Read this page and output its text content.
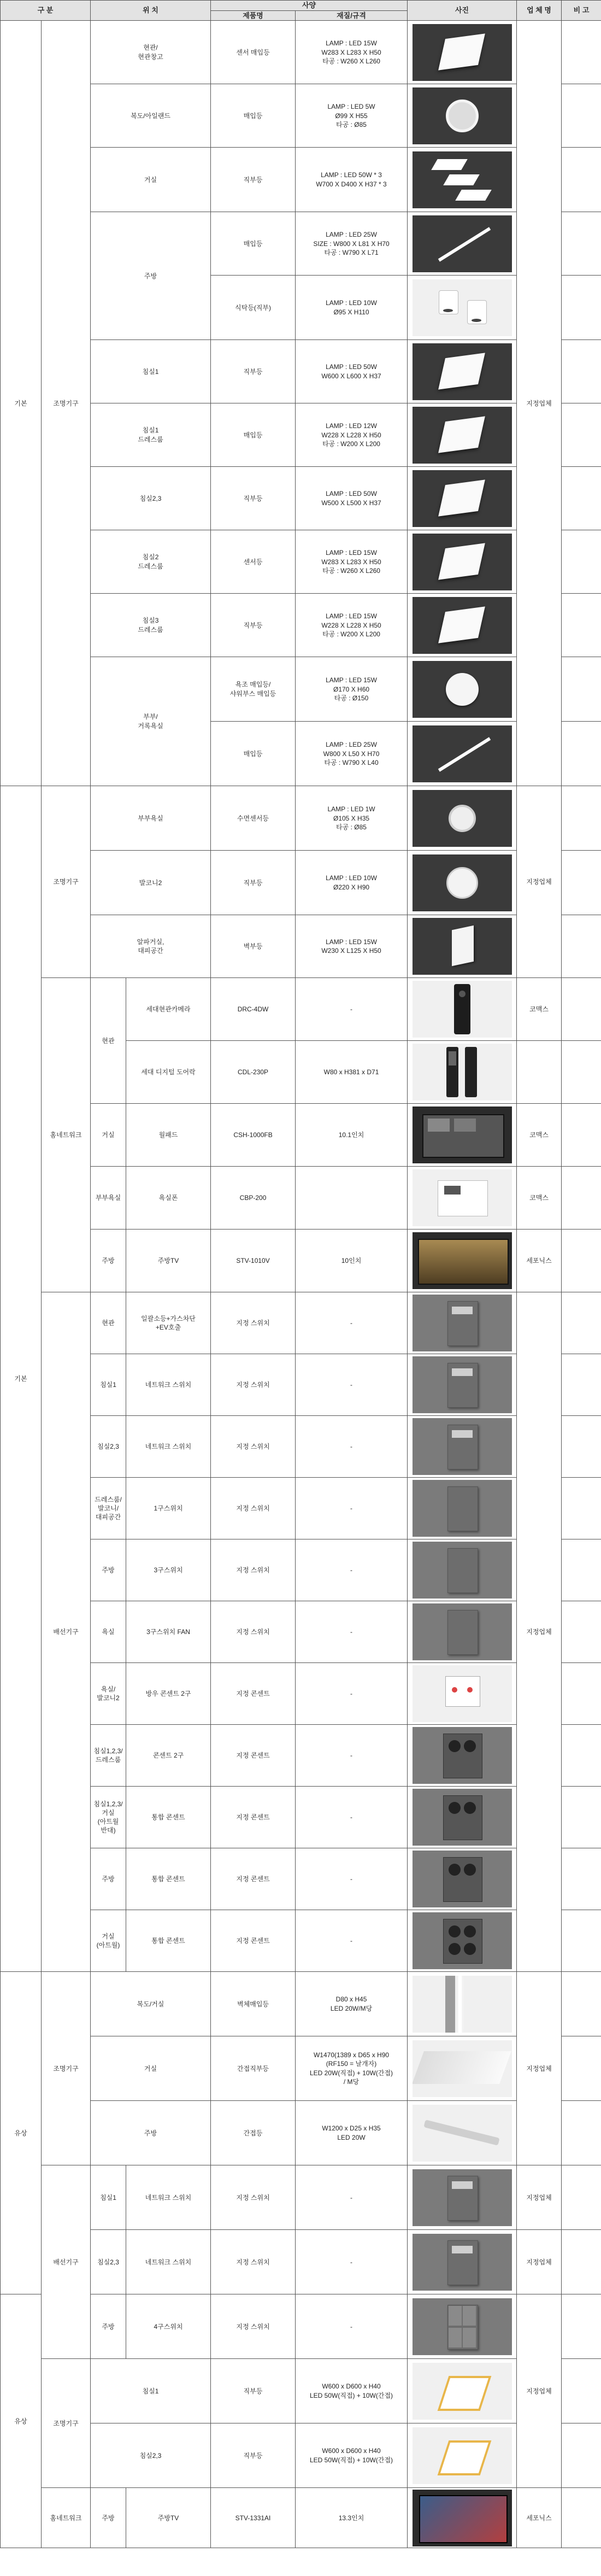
구 분		위 치		사양		사진	업 체 명	비 고
				제품명	재질/규격			
기본	조명기구	현관/
현관창고		센서 매입등	LAMP : LED 15W
W283 X L283 X H50
타공 : W260 X L260		지정업체	
		복도/아일랜드		매입등	LAMP : LED 5W
Ø99 X H55
타공 : Ø85		

		거실		직부등	LAMP : LED 50W * 3
W700 X D400 X H37 * 3		

		주방		매입등	LAMP : LED 25W
SIZE : W800 X L81 X H70
타공 : W790 X L71		

				식탁등(직부)	LAMP : LED 10W
Ø95 X H110		

		침실1		직부등	LAMP : LED 50W
W600 X L600 X H37		

		침실1
드레스룸		매입등	LAMP : LED 12W
W228 X L228 X H50
타공 : W200 X L200		

		침실2,3		직부등	LAMP : LED 50W
W500 X L500 X H37		

		침실2
드레스룸		센서등	LAMP : LED 15W
W283 X L283 X H50
타공 : W260 X L260		

		침실3
드레스룸		직부등	LAMP : LED 15W
W228 X L228 X H50
타공 : W200 X L200		

		부부/
거록욕실		욕조 매입등/
샤워부스 매입등	LAMP : LED 15W
Ø170 X H60
타공 : Ø150		

				매입등	LAMP : LED 25W
W800 X L50 X H70
타공 : W790 X L40		

기본	조명기구	부부욕실		수면센서등	LAMP : LED 1W
Ø105 X H35
타공 : Ø85		지정업체	
		발코니2		직부등	LAMP : LED 10W
Ø220 X H90		

		알파거실,
대피공간		벽부등	LAMP : LED 15W
W230 X L125 X H50		

	홈네트워크	현관	세대현관카메라	DRC-4DW	-		코맥스	
			세대 디지털 도어락	CDL-230P	W80 x H381 x D71	

		거실	월패드	CSH-1000FB	10.1인치		코맥스	
		부부욕실	욕실폰	CBP-200			코맥스	
		주방	주방TV	STV-1010V	10인치		세포닉스	
	배선기구	현관	일괄소등+가스차단
+EV호출	지정 스위치	-		지정업체	
		침실1	네트워크 스위치	지정 스위치	-		

		침실2,3	네트워크 스위치	지정 스위치	-		

		드레스룸/
발코니/
대피공간	1구스위치	지정 스위치	-		

		주방	3구스위치	지정 스위치	-		

		욕실	3구스위치 FAN	지정 스위치	-		

		욕실/
발코니2	방우 콘센트 2구	지정 콘센트	-		

		침실1,2,3/
드레스룸	콘센트 2구	지정 콘센트	-		

		침실1,2,3/
거실
(아트월
반대)	통합 콘센트	지정 콘센트	-		

		주방	통합 콘센트	지정 콘센트	-		

		거실
(아트월)	통합 콘센트	지정 콘센트	-		

유상	조명기구	복도/거실		벽체매입등	D80 x H45
LED 20W/M당		지정업체	
		거실		간접직부등	W1470(1389 x D65 x H90
(RF150 = 날개자)
LED 20W(직접) + 10W(간접)
/ M당		

		주방		간접등	W1200 x D25 x H35
LED 20W		

	배선기구	침실1	네트워크 스위치	지정 스위치	-		지정업체	
		침실2,3	네트워크 스위치	지정 스위치	-		지정업체	
유상		주방	4구스위치	지정 스위치	-		지정업체	
	조명기구	침실1		직부등	W600 x D600 x H40
LED 50W(직접) + 10W(간접)		

		침실2,3		직부등	W600 x D600 x H40
LED 50W(직접) + 10W(간접)		

	홈네트워크	주방	주방TV	STV-1331AI	13.3인치		세포닉스	
